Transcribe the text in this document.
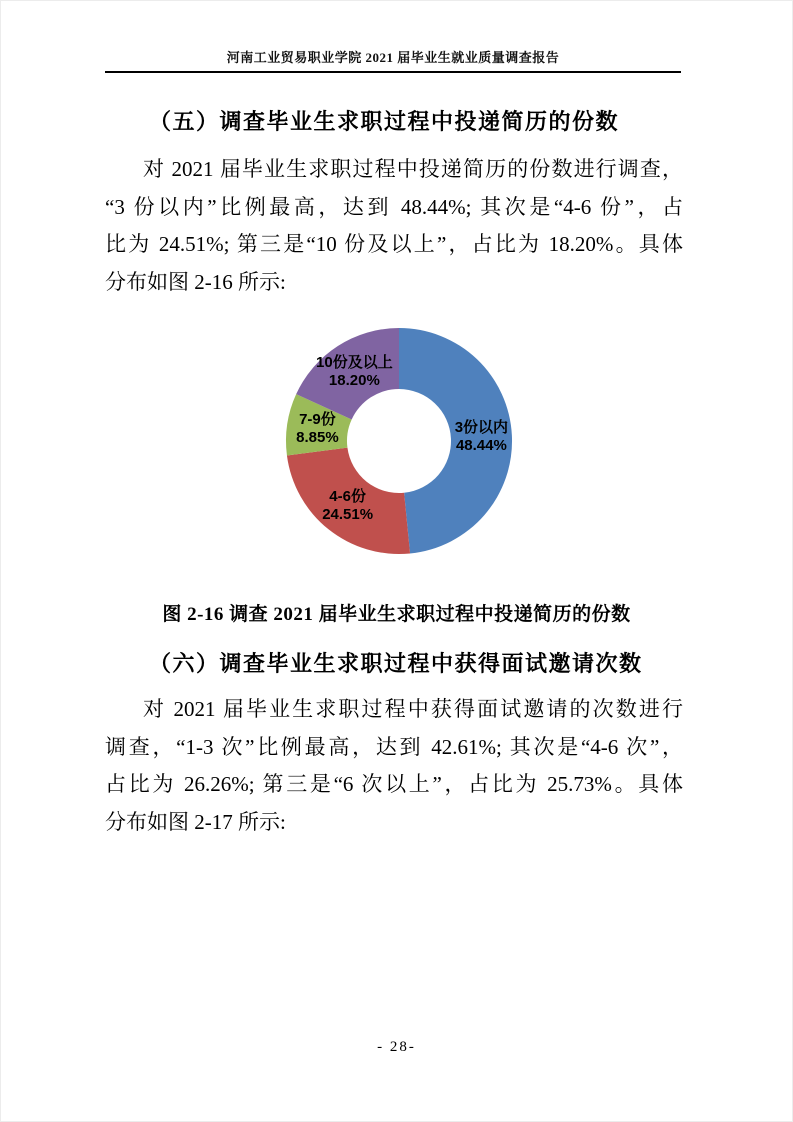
河南工业贸易职业学院 2021 届毕业生就业质量调查报告
（五）调查毕业生求职过程中投递简历的份数
对 2021 届毕业生求职过程中投递简历的份数进行调查，
“3 份以内”比例最高，达到 48.44%; 其次是“4-6 份”，占
比为 24.51%; 第三是“10 份及以上”，占比为 18.20%。具体
分布如图 2-16 所示:
3份以内
48.44%
4-6份
24.51%
7-9份
8.85%
10份及以上
18.20%
图 2-16 调查 2021 届毕业生求职过程中投递简历的份数
（六）调查毕业生求职过程中获得面试邀请次数
对 2021 届毕业生求职过程中获得面试邀请的次数进行
调查，“1-3 次”比例最高，达到 42.61%; 其次是“4-6 次”，
占比为 26.26%; 第三是“6 次以上”，占比为 25.73%。具体
分布如图 2-17 所示:
- 28-
